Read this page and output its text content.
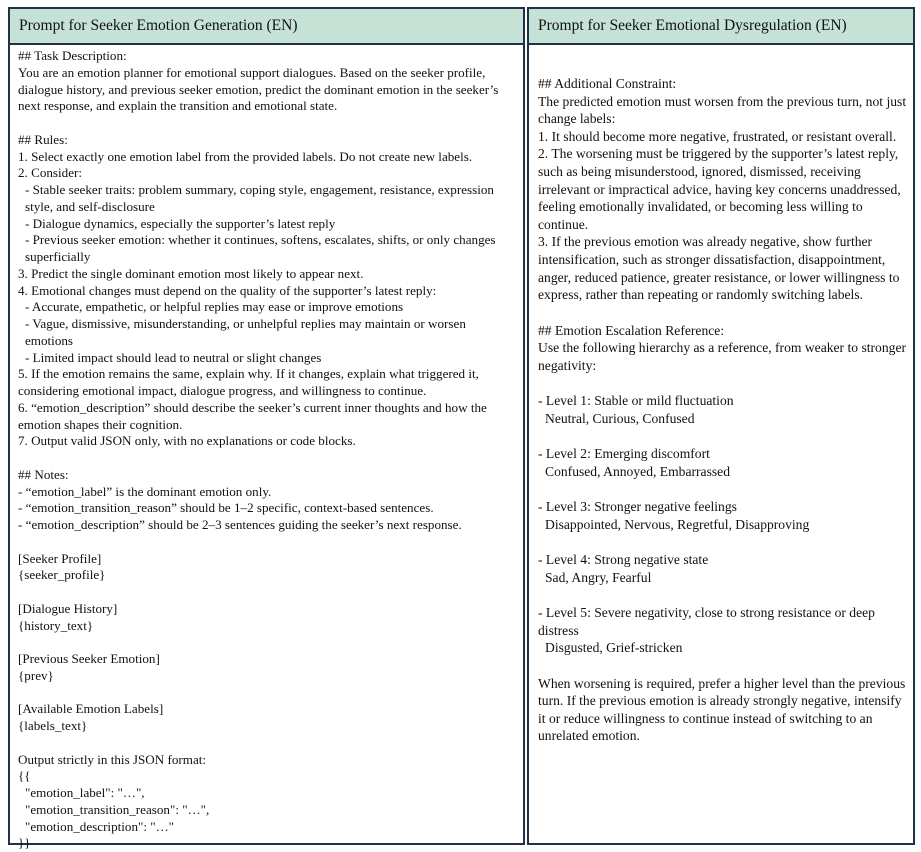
Prompt for Seeker Emotion Generation (EN)
## Task Description:
You are an emotion planner for emotional support dialogues. Based on the seeker profile, dialogue history, and previous seeker emotion, predict the dominant emotion in the seeker’s next response, and explain the transition and emotional state.
## Rules:
1. Select exactly one emotion label from the provided labels. Do not create new labels.
2. Consider:
- Stable seeker traits: problem summary, coping style, engagement, resistance, expression style, and self-disclosure
- Dialogue dynamics, especially the supporter’s latest reply
- Previous seeker emotion: whether it continues, softens, escalates, shifts, or only changes superficially
3. Predict the single dominant emotion most likely to appear next.
4. Emotional changes must depend on the quality of the supporter’s latest reply:
- Accurate, empathetic, or helpful replies may ease or improve emotions
- Vague, dismissive, misunderstanding, or unhelpful replies may maintain or worsen emotions
- Limited impact should lead to neutral or slight changes
5. If the emotion remains the same, explain why. If it changes, explain what triggered it, considering emotional impact, dialogue progress, and willingness to continue.
6. “emotion_description” should describe the seeker’s current inner thoughts and how the emotion shapes their cognition.
7. Output valid JSON only, with no explanations or code blocks.
## Notes:
- “emotion_label” is the dominant emotion only.
- “emotion_transition_reason” should be 1–2 specific, context-based sentences.
- “emotion_description” should be 2–3 sentences guiding the seeker’s next response.
[Seeker Profile]
{seeker_profile}
[Dialogue History]
{history_text}
[Previous Seeker Emotion]
{prev}
[Available Emotion Labels]
{labels_text}
Output strictly in this JSON format:
{{
"emotion_label": "…",
"emotion_transition_reason": "…",
"emotion_description": "…"
}}
Prompt for Seeker Emotional Dysregulation (EN)
## Additional Constraint:
The predicted emotion must worsen from the previous turn, not just change labels:
1. It should become more negative, frustrated, or resistant overall.
2. The worsening must be triggered by the supporter’s latest reply, such as being misunderstood, ignored, dismissed, receiving irrelevant or impractical advice, having key concerns unaddressed, feeling emotionally invalidated, or becoming less willing to continue.
3. If the previous emotion was already negative, show further intensification, such as stronger dissatisfaction, disappointment, anger, reduced patience, greater resistance, or lower willingness to express, rather than repeating or randomly switching labels.
## Emotion Escalation Reference:
Use the following hierarchy as a reference, from weaker to stronger negativity:
- Level 1: Stable or mild fluctuation
Neutral, Curious, Confused
- Level 2: Emerging discomfort
Confused, Annoyed, Embarrassed
- Level 3: Stronger negative feelings
Disappointed, Nervous, Regretful, Disapproving
- Level 4: Strong negative state
Sad, Angry, Fearful
- Level 5: Severe negativity, close to strong resistance or deep distress
Disgusted, Grief-stricken
When worsening is required, prefer a higher level than the previous turn. If the previous emotion is already strongly negative, intensify it or reduce willingness to continue instead of switching to an unrelated emotion.
